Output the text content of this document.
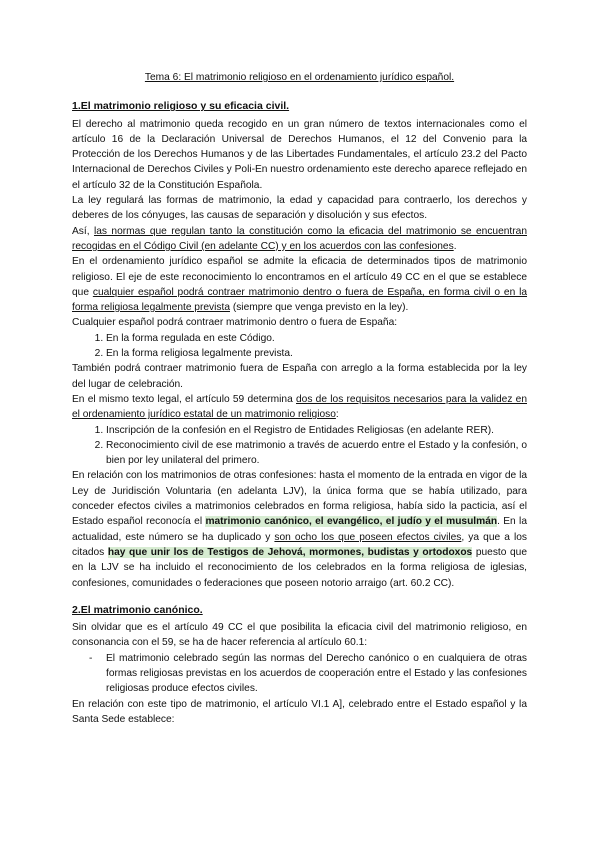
Tema 6: El matrimonio religioso en el ordenamiento jurídico español.

1.El matrimonio religioso y su eficacia civil.

El derecho al matrimonio queda recogido en un gran número de textos internacionales como el artículo 16 de la Declaración Universal de Derechos Humanos, el 12 del Convenio para la Protección de los Derechos Humanos y de las Libertades Fundamentales, el artículo 23.2 del Pacto Internacional de Derechos Civiles y Poli-En nuestro ordenamiento este derecho aparece reflejado en el artículo 32 de la Constitución Española.

La ley regulará las formas de matrimonio, la edad y capacidad para contraerlo, los derechos y deberes de los cónyuges, las causas de separación y disolución y sus efectos.

Así, las normas que regulan tanto la constitución como la eficacia del matrimonio se encuentran recogidas en el Código Civil (en adelante CC) y en los acuerdos con las confesiones.

En el ordenamiento jurídico español se admite la eficacia de determinados tipos de matrimonio religioso. El eje de este reconocimiento lo encontramos en el artículo 49 CC en el que se establece que cualquier español podrá contraer matrimonio dentro o fuera de España, en forma civil o en la forma religiosa legalmente prevista (siempre que venga previsto en la ley).

Cualquier español podrá contraer matrimonio dentro o fuera de España:

1. En la forma regulada en este Código.
2. En la forma religiosa legalmente prevista.

También podrá contraer matrimonio fuera de España con arreglo a la forma establecida por la ley del lugar de celebración.

En el mismo texto legal, el artículo 59 determina dos de los requisitos necesarios para la validez en el ordenamiento jurídico estatal de un matrimonio religioso:

1. Inscripción de la confesión en el Registro de Entidades Religiosas (en adelante RER).
2. Reconocimiento civil de ese matrimonio a través de acuerdo entre el Estado y la confesión, o bien por ley unilateral del primero.

En relación con los matrimonios de otras confesiones: hasta el momento de la entrada en vigor de la Ley de Juridisción Voluntaria (en adelanta LJV), la única forma que se había utilizado, para conceder efectos civiles a matrimonios celebrados en forma religiosa, había sido la pacticia, así el Estado español reconocía el matrimonio canónico, el evangélico, el judío y el musulmán. En la actualidad, este número se ha duplicado y son ocho los que poseen efectos civiles, ya que a los citados hay que unir los de Testigos de Jehová, mormones, budistas y ortodoxos puesto que en la LJV se ha incluido el reconocimiento de los celebrados en la forma religiosa de iglesias, confesiones, comunidades o federaciones que poseen notorio arraigo (art. 60.2 CC).

2.El matrimonio canónico.

Sin olvidar que es el artículo 49 CC el que posibilita la eficacia civil del matrimonio religioso, en consonancia con el 59, se ha de hacer referencia al artículo 60.1:

- El matrimonio celebrado según las normas del Derecho canónico o en cualquiera de otras formas religiosas previstas en los acuerdos de cooperación entre el Estado y las confesiones religiosas produce efectos civiles.

En relación con este tipo de matrimonio, el artículo VI.1 A], celebrado entre el Estado español y la Santa Sede establece:
